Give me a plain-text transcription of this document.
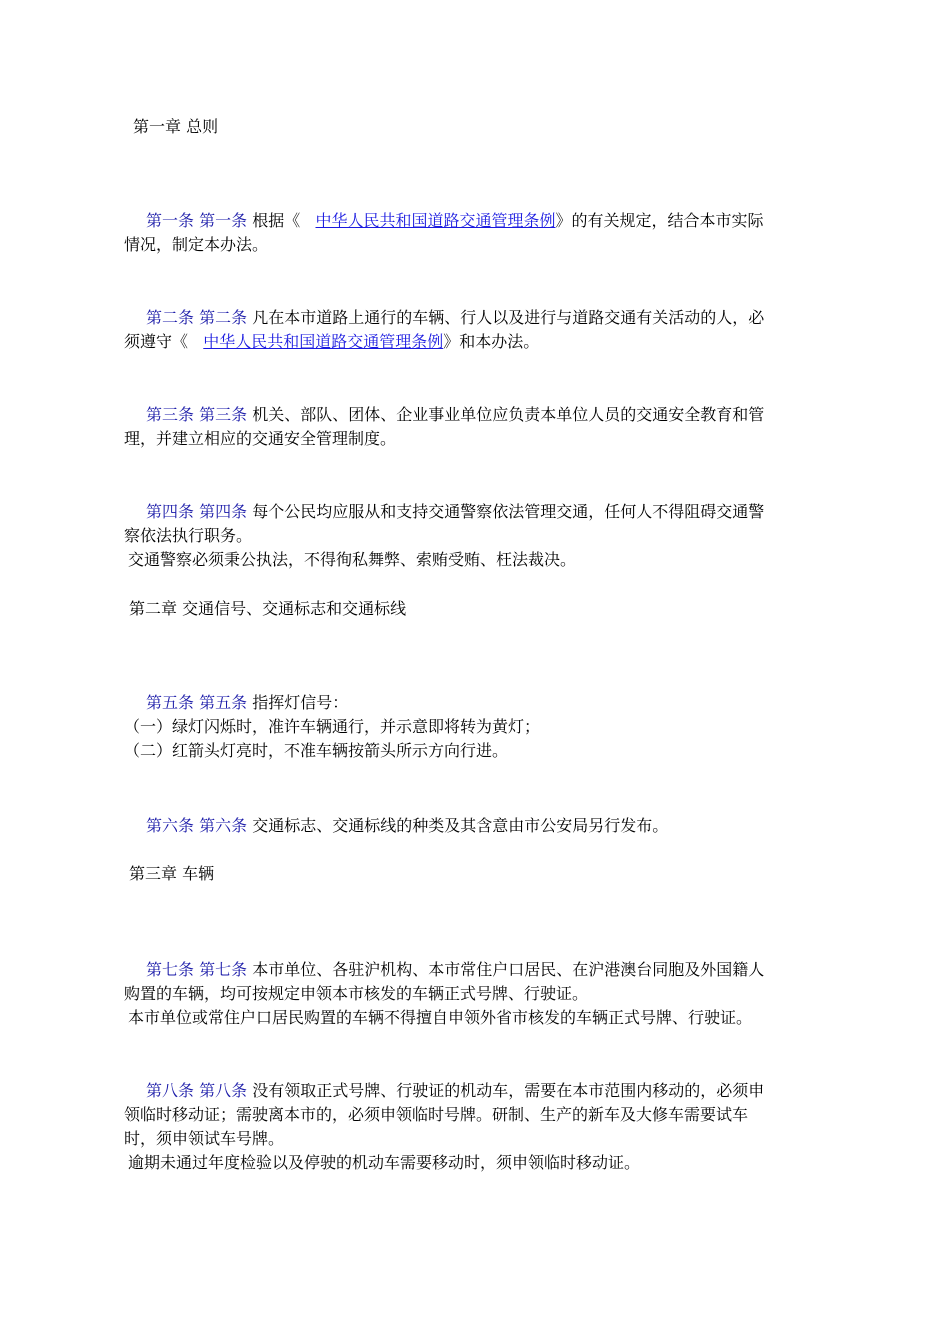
第一章 总则
第一条 第一条 根据《 中华人民共和国道路交通管理条例》的有关规定，结合本市实际
情况，制定本办法。
第二条 第二条 凡在本市道路上通行的车辆、行人以及进行与道路交通有关活动的人，必
须遵守《 中华人民共和国道路交通管理条例》和本办法。
第三条 第三条 机关、部队、团体、企业事业单位应负责本单位人员的交通安全教育和管
理，并建立相应的交通安全管理制度。
第四条 第四条 每个公民均应服从和支持交通警察依法管理交通，任何人不得阻碍交通警
察依法执行职务。
交通警察必须秉公执法，不得徇私舞弊、索贿受贿、枉法裁决。
第二章 交通信号、交通标志和交通标线
第五条 第五条 指挥灯信号：
（一）绿灯闪烁时，准许车辆通行，并示意即将转为黄灯；
（二）红箭头灯亮时，不准车辆按箭头所示方向行进。
第六条 第六条 交通标志、交通标线的种类及其含意由市公安局另行发布。
第三章 车辆
第七条 第七条 本市单位、各驻沪机构、本市常住户口居民、在沪港澳台同胞及外国籍人
购置的车辆，均可按规定申领本市核发的车辆正式号牌、行驶证。
本市单位或常住户口居民购置的车辆不得擅自申领外省市核发的车辆正式号牌、行驶证。
第八条 第八条 没有领取正式号牌、行驶证的机动车，需要在本市范围内移动的，必须申
领临时移动证；需驶离本市的，必须申领临时号牌。研制、生产的新车及大修车需要试车
时，须申领试车号牌。
逾期未通过年度检验以及停驶的机动车需要移动时，须申领临时移动证。
